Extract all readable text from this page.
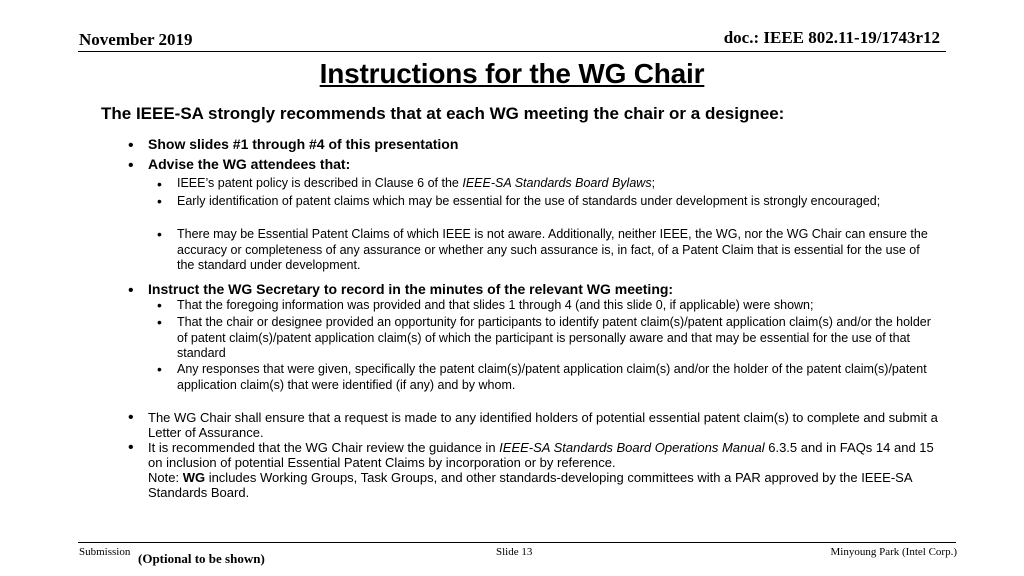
November 2019	doc.: IEEE 802.11-19/1743r12
Instructions for the WG Chair
The IEEE-SA strongly recommends that at each WG meeting the chair or a designee:
• Show slides #1 through #4 of this presentation
• Advise the WG attendees that:
• IEEE’s patent policy is described in Clause 6 of the IEEE-SA Standards Board Bylaws;
• Early identification of patent claims which may be essential for the use of standards under development is strongly encouraged;
• There may be Essential Patent Claims of which IEEE is not aware. Additionally, neither IEEE, the WG, nor the WG Chair can ensure the accuracy or completeness of any assurance or whether any such assurance is, in fact, of a Patent Claim that is essential for the use of the standard under development.
• Instruct the WG Secretary to record in the minutes of the relevant WG meeting:
• That the foregoing information was provided and that slides 1 through 4 (and this slide 0, if applicable) were shown;
• That the chair or designee provided an opportunity for participants to identify patent claim(s)/patent application claim(s) and/or the holder of patent claim(s)/patent application claim(s) of which the participant is personally aware and that may be essential for the use of that standard
• Any responses that were given, specifically the patent claim(s)/patent application claim(s) and/or the holder of the patent claim(s)/patent application claim(s) that were identified (if any) and by whom.
• The WG Chair shall ensure that a request is made to any identified holders of potential essential patent claim(s) to complete and submit a Letter of Assurance.
• It is recommended that the WG Chair review the guidance in IEEE-SA Standards Board Operations Manual 6.3.5 and in FAQs 14 and 15 on inclusion of potential Essential Patent Claims by incorporation or by reference.
Note: WG includes Working Groups, Task Groups, and other standards-developing committees with a PAR approved by the IEEE-SA Standards Board.
Submission (Optional to be shown)	Slide 13	Minyoung Park (Intel Corp.)
